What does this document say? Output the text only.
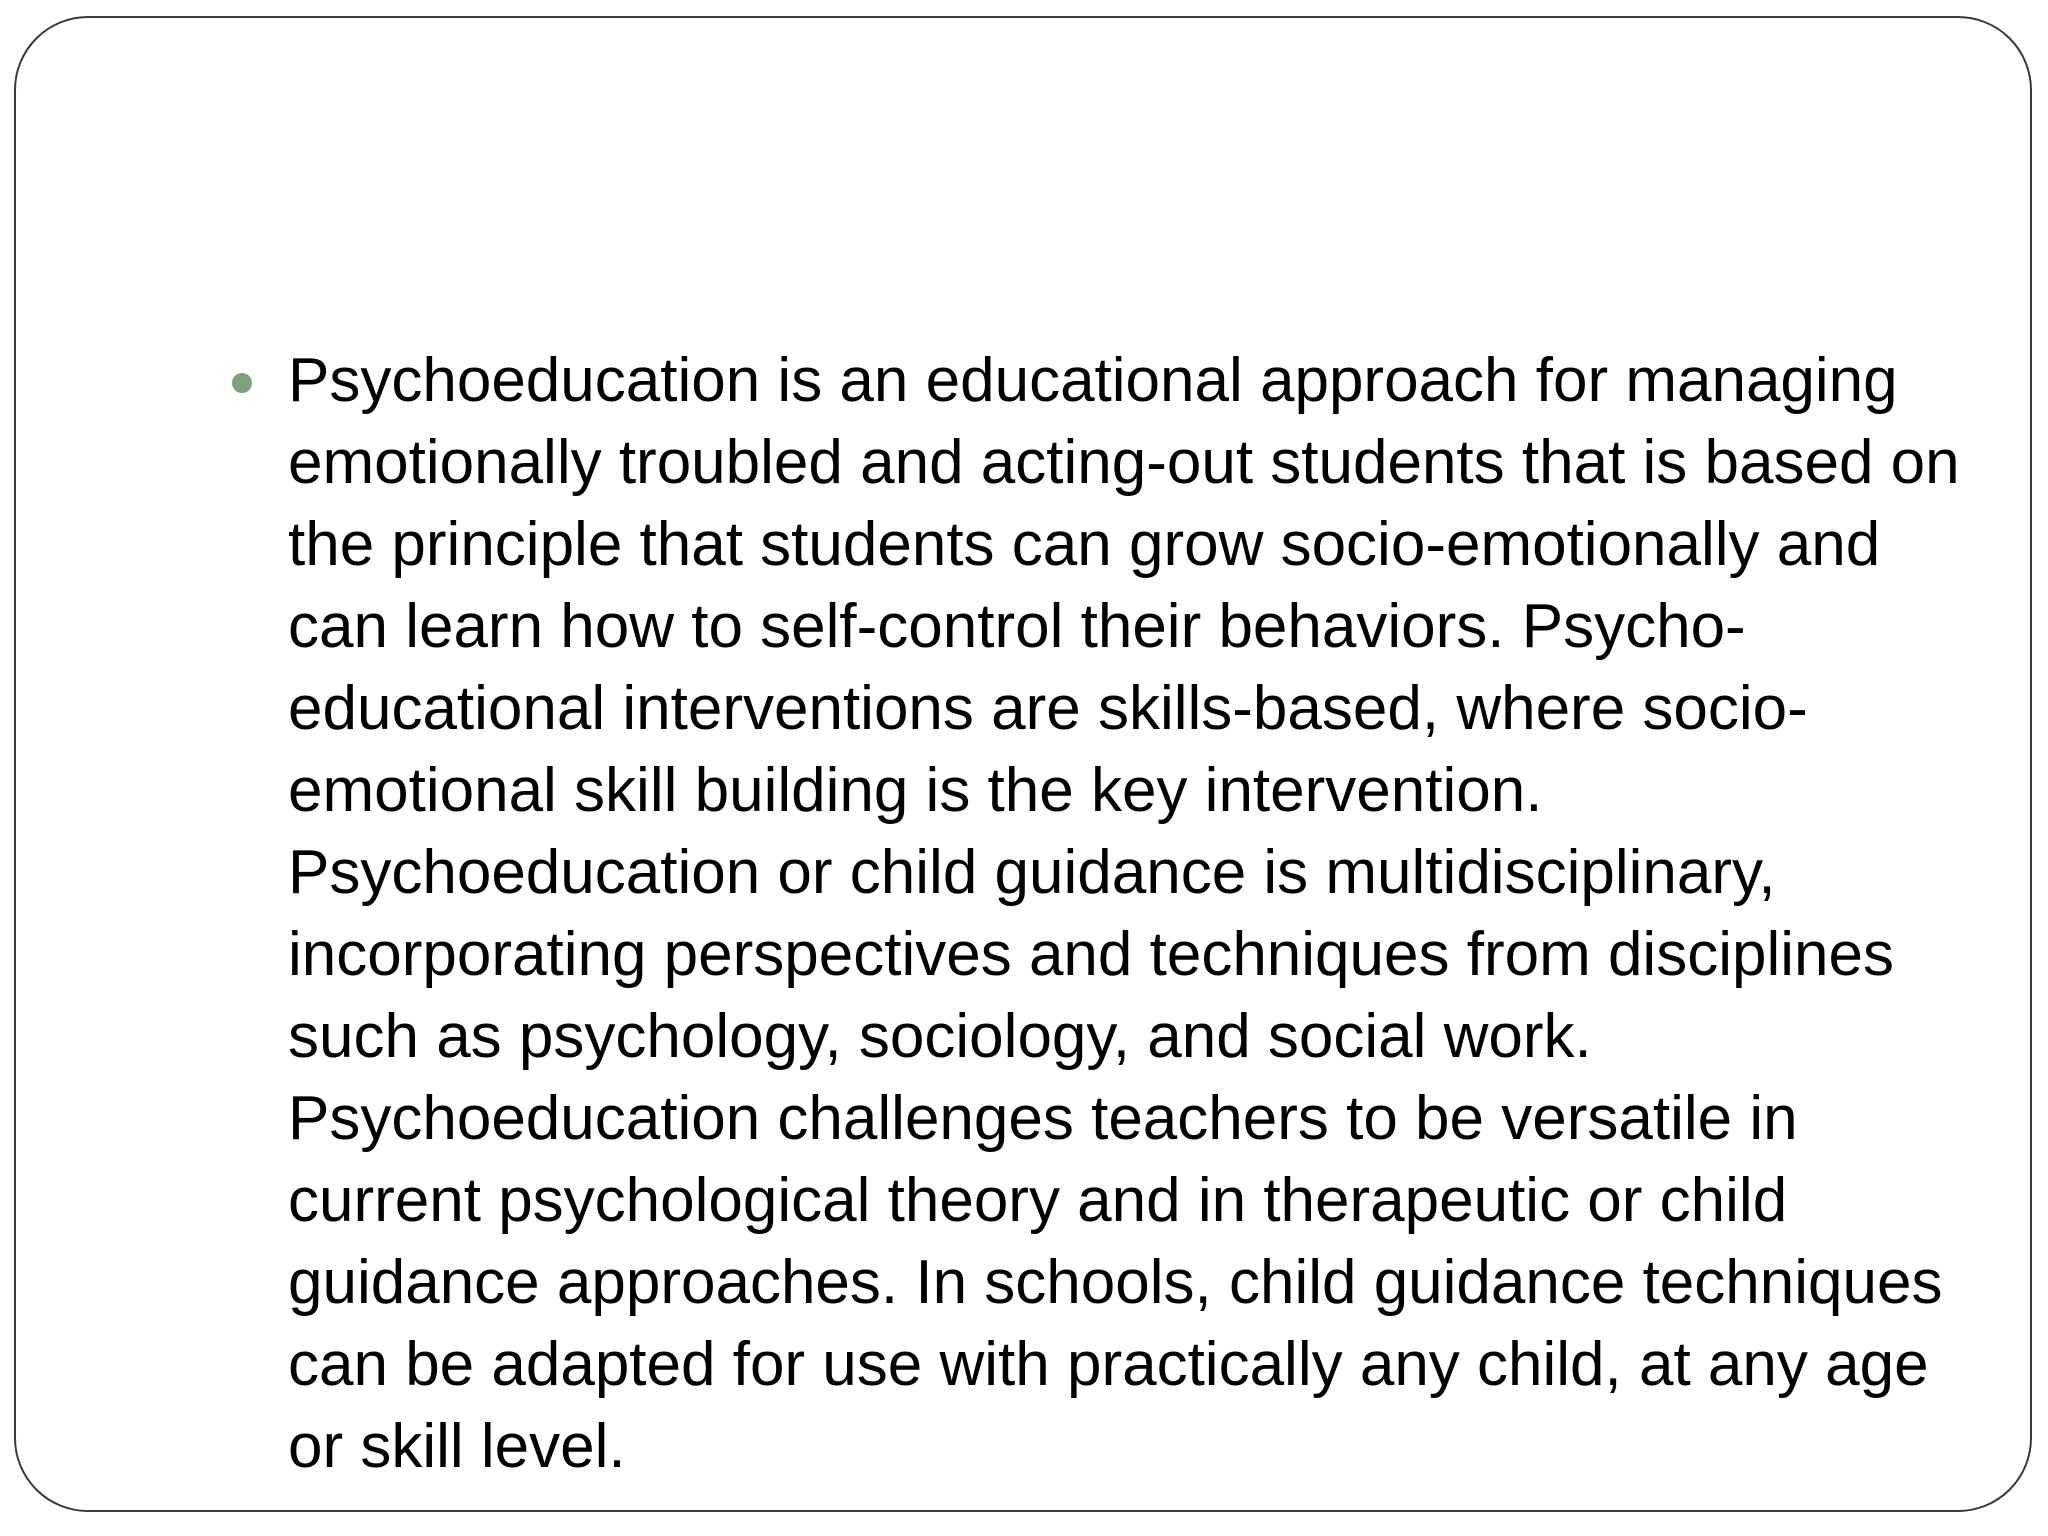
Psychoeducation is an educational approach for managing emotionally troubled and acting-out students that is based on the principle that students can grow socio-emotionally and can learn how to self-control their behaviors. Psycho-educational interventions are skills-based, where socio-emotional skill building is the key intervention. Psychoeducation or child guidance is multidisciplinary, incorporating perspectives and techniques from disciplines such as psychology, sociology, and social work. Psychoeducation challenges teachers to be versatile in current psychological theory and in therapeutic or child guidance approaches. In schools, child guidance techniques can be adapted for use with practically any child, at any age or skill level.
